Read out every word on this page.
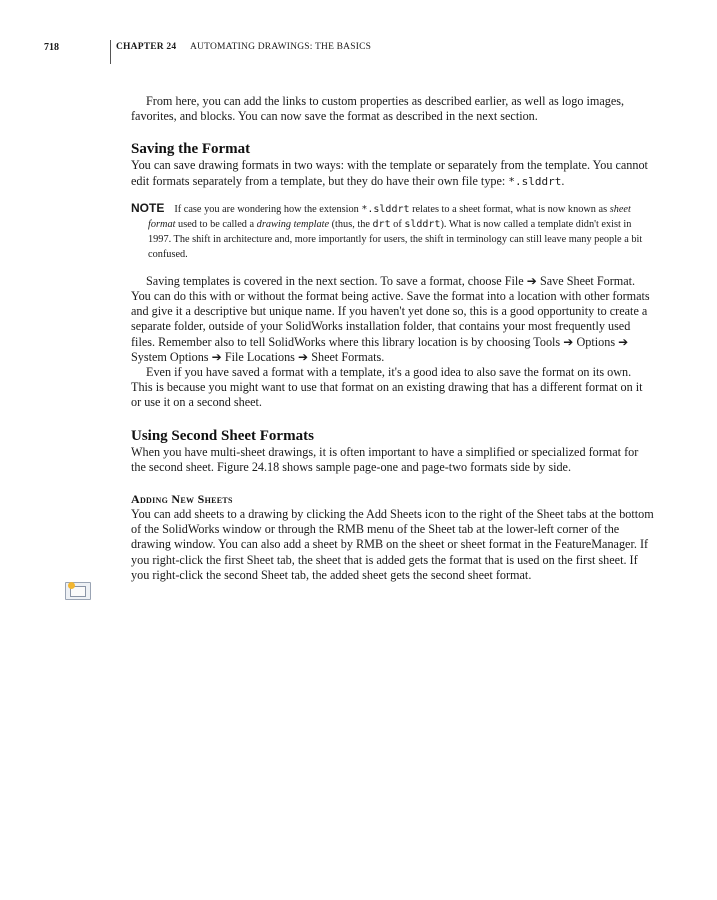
718	CHAPTER 24 AUTOMATING DRAWINGS: THE BASICS

From here, you can add the links to custom properties as described earlier, as well as logo images, favorites, and blocks. You can now save the format as described in the next section.

Saving the Format

You can save drawing formats in two ways: with the template or separately from the template. You cannot edit formats separately from a template, but they do have their own file type: *.slddrt.

NOTE If case you are wondering how the extension *.slddrt relates to a sheet format, what is now known as sheet format used to be called a drawing template (thus, the drt of slddrt). What is now called a template didn't exist in 1997. The shift in architecture and, more importantly for users, the shift in terminology can still leave many people a bit confused.

Saving templates is covered in the next section. To save a format, choose File ➔ Save Sheet Format. You can do this with or without the format being active. Save the format into a location with other formats and give it a descriptive but unique name. If you haven't yet done so, this is a good opportunity to create a separate folder, outside of your SolidWorks installation folder, that contains your most frequently used files. Remember also to tell SolidWorks where this library location is by choosing Tools ➔ Options ➔ System Options ➔ File Locations ➔ Sheet Formats.

Even if you have saved a format with a template, it's a good idea to also save the format on its own. This is because you might want to use that format on an existing drawing that has a different format on it or use it on a second sheet.

Using Second Sheet Formats

When you have multi-sheet drawings, it is often important to have a simplified or specialized format for the second sheet. Figure 24.18 shows sample page-one and page-two formats side by side.

Adding New Sheets

You can add sheets to a drawing by clicking the Add Sheets icon to the right of the Sheet tabs at the bottom of the SolidWorks window or through the RMB menu of the Sheet tab at the lower-left corner of the drawing window. You can also add a sheet by RMB on the sheet or sheet format in the FeatureManager. If you right-click the first Sheet tab, the sheet that is added gets the format that is used on the first sheet. If you right-click the second Sheet tab, the added sheet gets the second sheet format.
